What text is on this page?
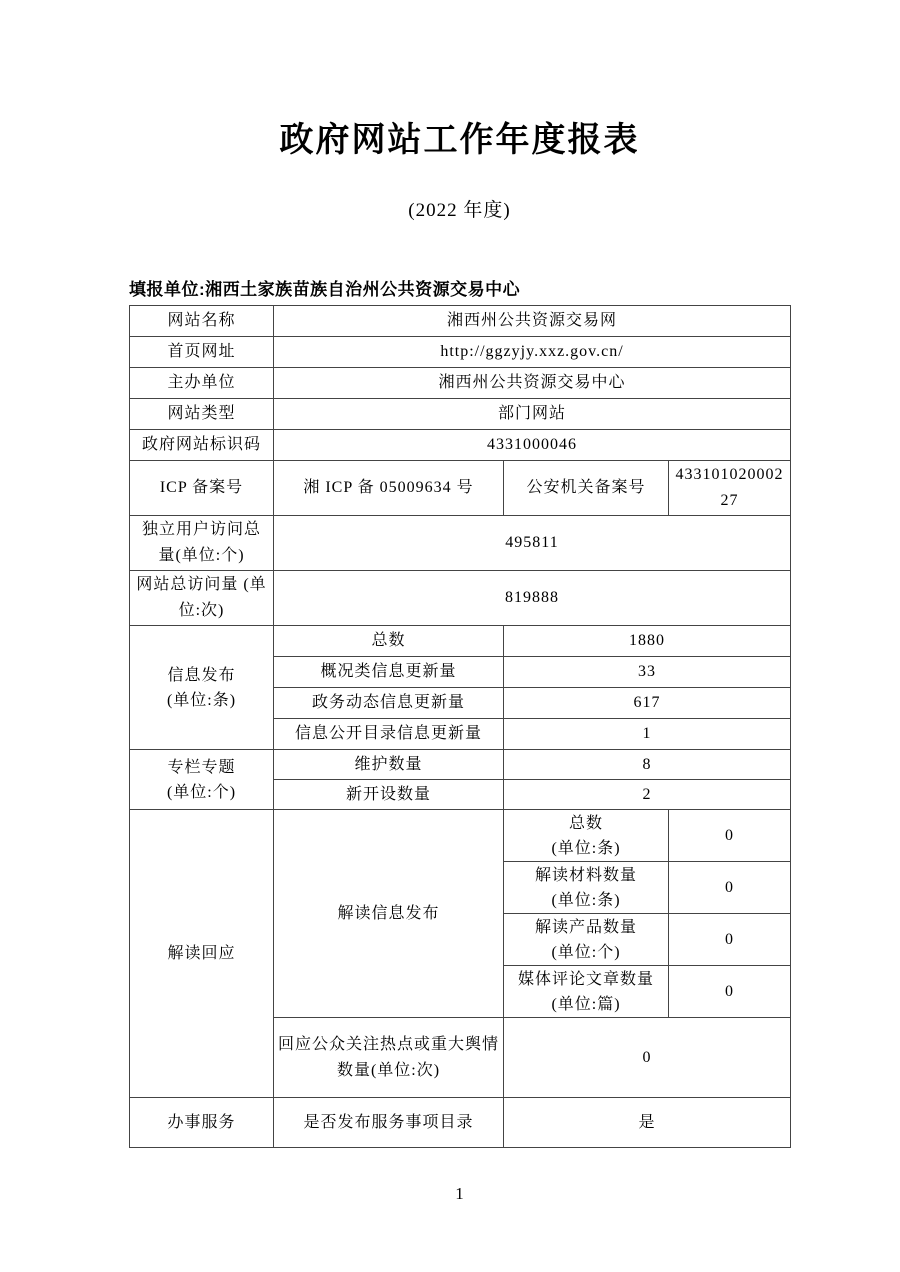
政府网站工作年度报表
(2022 年度)
填报单位:湘西土家族苗族自治州公共资源交易中心
网站名称	湘西州公共资源交易网		
首页网址	http://ggzyjy.xxz.gov.cn/		
主办单位	湘西州公共资源交易中心		
网站类型	部门网站		
政府网站标识码	4331000046		
ICP 备案号	湘 ICP 备 05009634 号	公安机关备案号	43310102000227
独立用户访问总量(单位:个)	495811		
网站总访问量 (单位:次)	819888		

信息发布
(单位:条)	总数	1880	
	概况类信息更新量	33	
	政务动态信息更新量	617	
	信息公开目录信息更新量	1	

专栏专题
(单位:个)	维护数量	8	
	新开设数量	2	
解读回应	解读信息发布	总数
(单位:条)	0

		解读材料数量
(单位:条)	0

		解读产品数量
(单位:个)	0

		媒体评论文章数量
(单位:篇)	0
	回应公众关注热点或重大舆情数量(单位:次)	0	
办事服务	是否发布服务事项目录	是	
1
